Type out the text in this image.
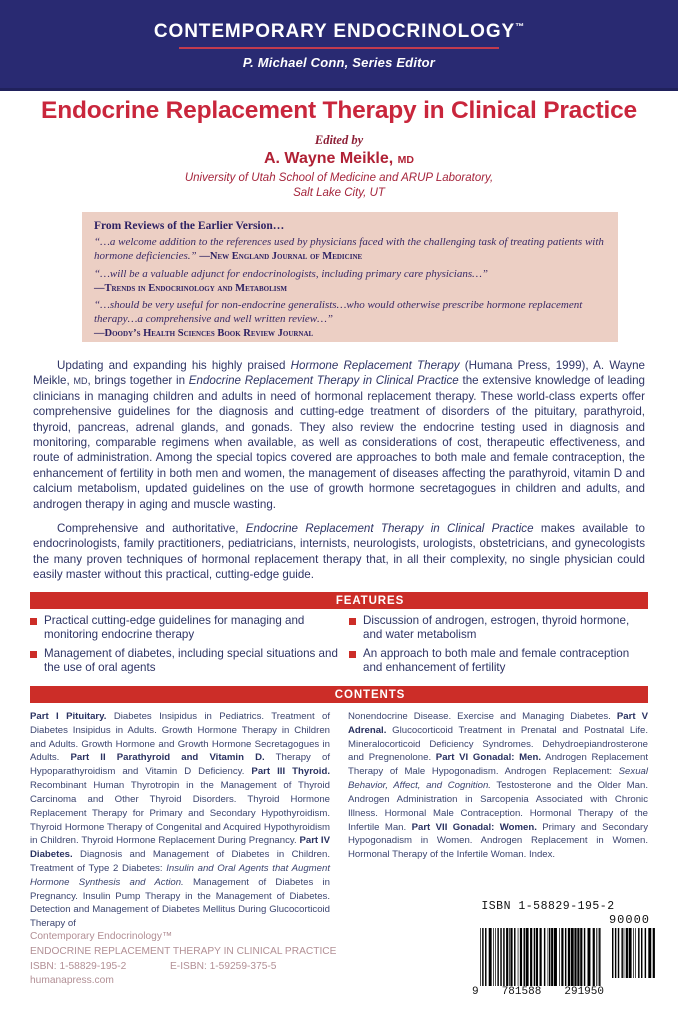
CONTEMPORARY ENDOCRINOLOGY™
P. Michael Conn, Series Editor
Endocrine Replacement Therapy in Clinical Practice
Edited by
A. Wayne Meikle, MD
University of Utah School of Medicine and ARUP Laboratory,
Salt Lake City, UT
From Reviews of the Earlier Version…
“…a welcome addition to the references used by physicians faced with the challenging task of treating patients with hormone deficiencies.” —New England Journal of Medicine
“…will be a valuable adjunct for endocrinologists, including primary care physicians…”
—Trends in Endocrinology and Metabolism
“…should be very useful for non-endocrine generalists…who would otherwise prescribe hormone replacement therapy…a comprehensive and well written review…”
—Doody’s Health Sciences Book Review Journal

Updating and expanding his highly praised Hormone Replacement Therapy (Humana Press, 1999), A. Wayne Meikle, MD, brings together in Endocrine Replacement Therapy in Clinical Practice the extensive knowledge of leading clinicians in managing children and adults in need of hormonal replacement therapy. These world-class experts offer comprehensive guidelines for the diagnosis and cutting-edge treatment of disorders of the pituitary, parathyroid, thyroid, pancreas, adrenal glands, and gonads. They also review the endocrine testing used in diagnosis and monitoring, comparable regimens when available, as well as considerations of cost, therapeutic effectiveness, and route of administration. Among the special topics covered are approaches to both male and female contraception, the enhancement of fertility in both men and women, the management of diseases affecting the parathyroid, vitamin D and calcium metabolism, updated guidelines on the use of growth hormone secretagogues in children and adults, and androgen therapy in aging and muscle wasting.

Comprehensive and authoritative, Endocrine Replacement Therapy in Clinical Practice makes available to endocrinologists, family practitioners, pediatricians, internists, neurologists, urologists, obstetricians, and gynecologists the many proven techniques of hormonal replacement therapy that, in all their complexity, no single physician could easily master without this practical, cutting-edge guide.

FEATURES
Practical cutting-edge guidelines for managing and monitoring endocrine therapy
Management of diabetes, including special situations and the use of oral agents
Discussion of androgen, estrogen, thyroid hormone, and water metabolism
An approach to both male and female contraception and enhancement of fertility
CONTENTS
Part I Pituitary. Diabetes Insipidus in Pediatrics. Treatment of Diabetes Insipidus in Adults. Growth Hormone Therapy in Children and Adults. Growth Hormone and Growth Hormone Secretagogues in Adults. Part II Parathyroid and Vitamin D. Therapy of Hypoparathyroidism and Vitamin D Deficiency. Part III Thyroid. Recombinant Human Thyrotropin in the Management of Thyroid Carcinoma and Other Thyroid Disorders. Thyroid Hormone Replacement Therapy for Primary and Secondary Hypothyroidism. Thyroid Hormone Therapy of Congenital and Acquired Hypothyroidism in Children. Thyroid Hormone Replacement During Pregnancy. Part IV Diabetes. Diagnosis and Management of Diabetes in Children. Treatment of Type 2 Diabetes: Insulin and Oral Agents that Augment Hormone Synthesis and Action. Management of Diabetes in Pregnancy. Insulin Pump Therapy in the Management of Diabetes. Detection and Management of Diabetes Mellitus During Glucocorticoid Therapy of
Nonendocrine Disease. Exercise and Managing Diabetes. Part V Adrenal. Glucocorticoid Treatment in Prenatal and Postnatal Life. Mineralocorticoid Deficiency Syndromes. Dehydroepiandrosterone and Pregnenolone. Part VI Gonadal: Men. Androgen Replacement Therapy of Male Hypogonadism. Androgen Replacement: Sexual Behavior, Affect, and Cognition. Testosterone and the Older Man. Androgen Administration in Sarcopenia Associated with Chronic Illness. Hormonal Male Contraception. Hormonal Therapy of the Infertile Man. Part VII Gonadal: Women. Primary and Secondary Hypogonadism in Women. Androgen Replacement in Women. Hormonal Therapy of the Infertile Woman. Index.
Contemporary Endocrinology™
ENDOCRINE REPLACEMENT THERAPY IN CLINICAL PRACTICE
ISBN: 1-58829-195-2	E-ISBN: 1-59259-375-5
humanapress.com
ISBN 1-58829-195-2
90000
9 781588 291950
